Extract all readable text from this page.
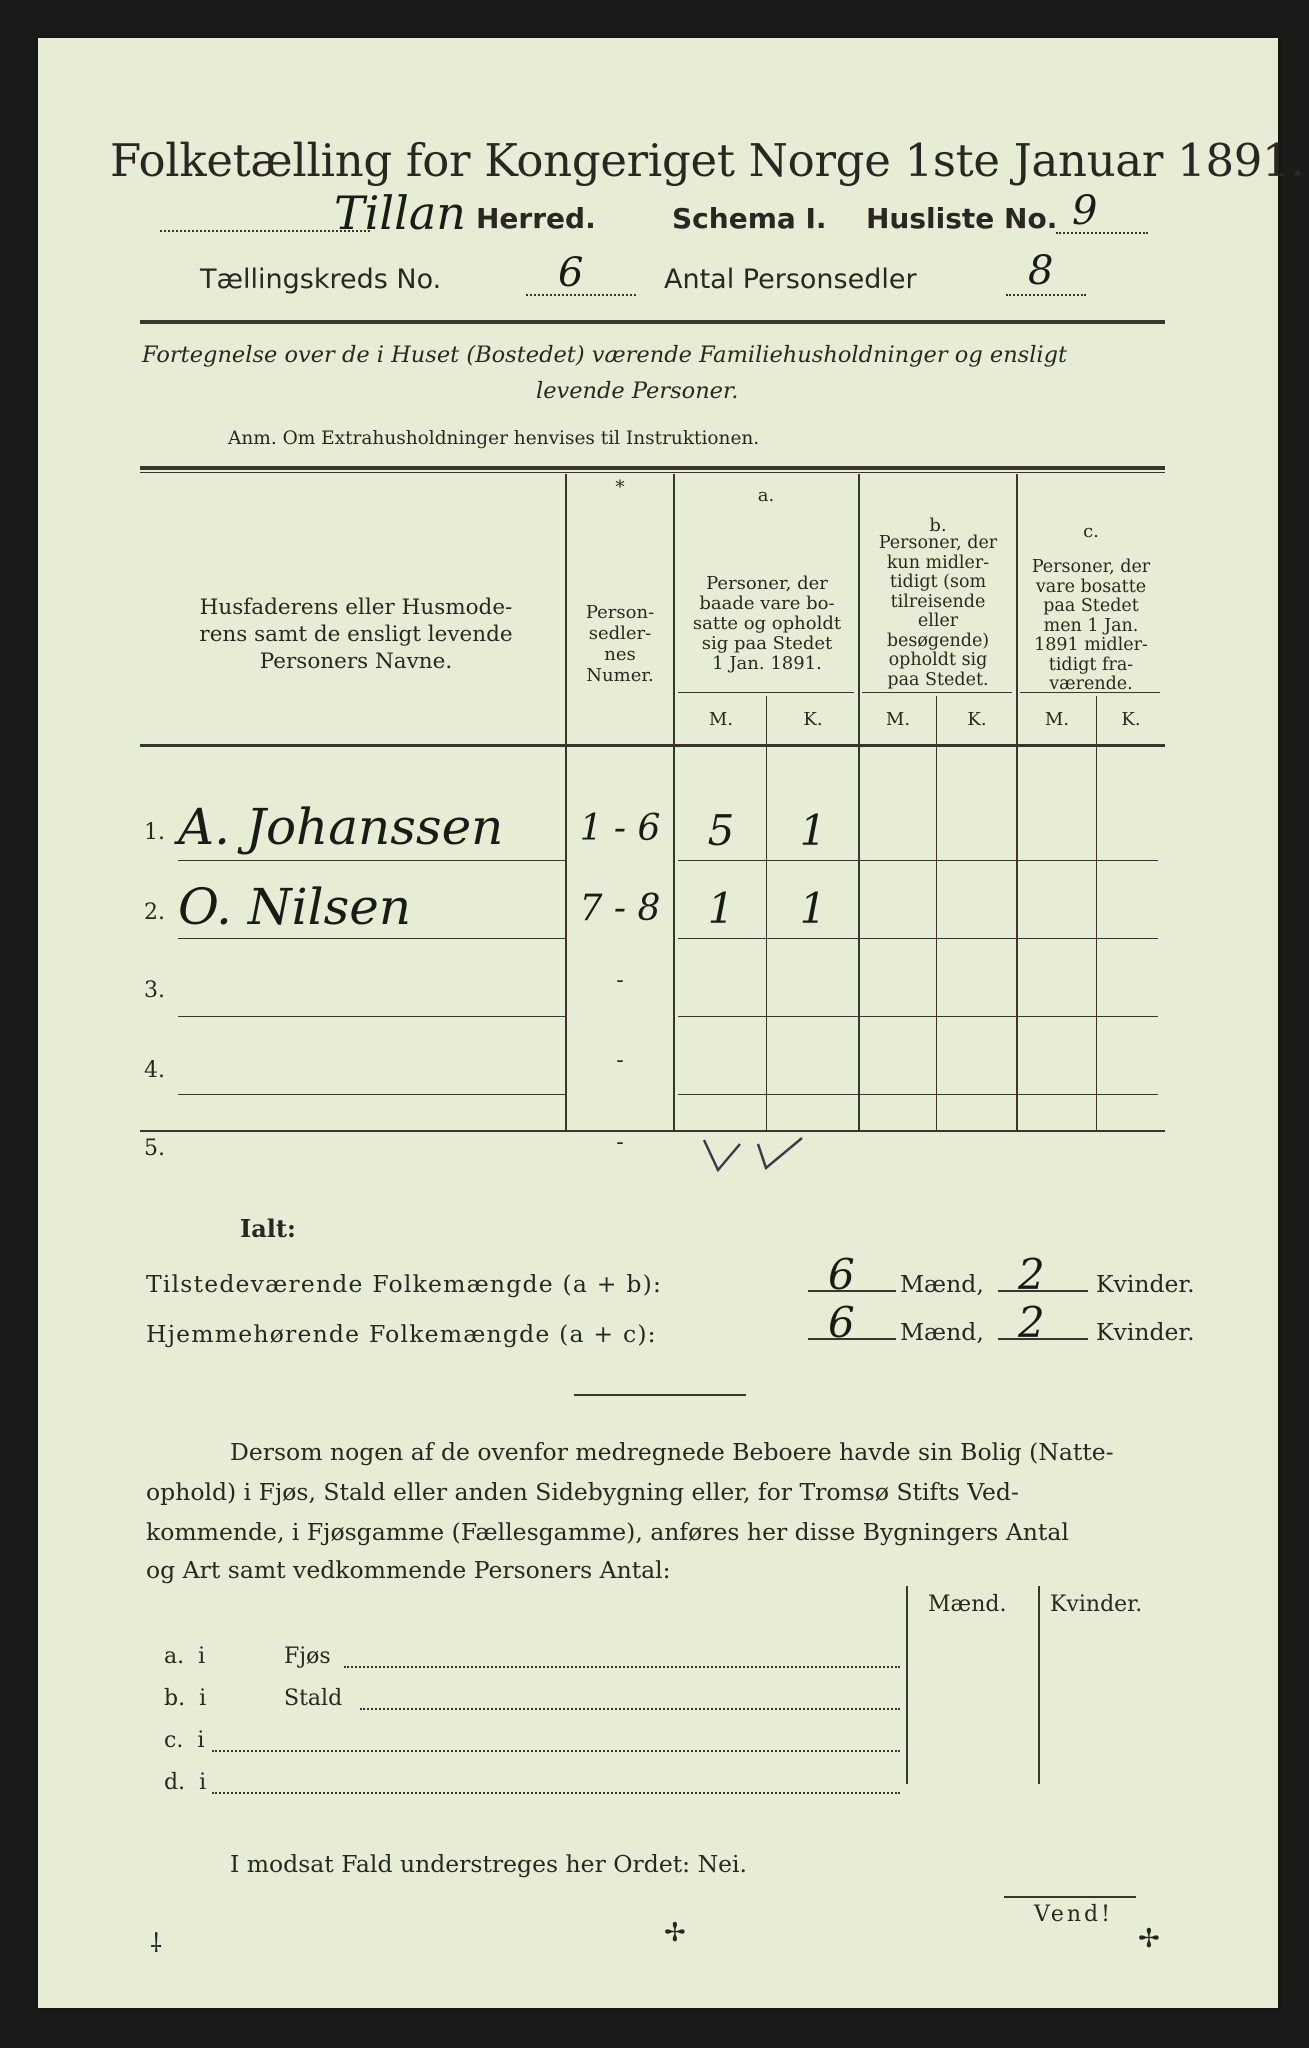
Folketælling for Kongeriget Norge 1ste Januar 1891.
Tillan Herred.	Schema I. Husliste No. 9
Tællingskreds No.	6	Antal Personsedler	8
Fortegnelse over de i Huset (Bostedet) værende Familiehusholdninger og ensligt
levende Personer.
Anm. Om Extrahusholdninger henvises til Instruktionen.
Husfaderens eller Husmode-
rens samt de ensligt levende
Personers Navne.
*
Person-
sedler-
nes
Numer.
a.
Personer, der
baade vare bo-
satte og opholdt
sig paa Stedet
1 Jan. 1891.
b.
Personer, der
kun midler-
tidigt (som
tilreisende
eller
besøgende)
opholdt sig
paa Stedet.
c.
Personer, der
vare bosatte
paa Stedet
men 1 Jan.
1891 midler-
tidigt fra-
værende.
M.	K.	M.	K.	M.	K.
1. A. Johanssen	1 - 6	5	1
2. O. Nilsen	7 - 8	1	1
3.	-
4.	-
5.	-
Ialt:
Tilstedeværende Folkemængde (a + b):	6 Mænd, 2 Kvinder.
Hjemmehørende Folkemængde (a + c):	6 Mænd, 2 Kvinder.
Dersom nogen af de ovenfor medregnede Beboere havde sin Bolig (Natte-
ophold) i Fjøs, Stald eller anden Sidebygning eller, for Tromsø Stifts Ved-
kommende, i Fjøsgamme (Fællesgamme), anføres her disse Bygningers Antal
og Art samt vedkommende Personers Antal:
Mænd. Kvinder.
a. i	Fjøs
b. i	Stald
c. i
d. i
I modsat Fald understreges her Ordet: Nei.
Vend!
⸸	✢	✢
